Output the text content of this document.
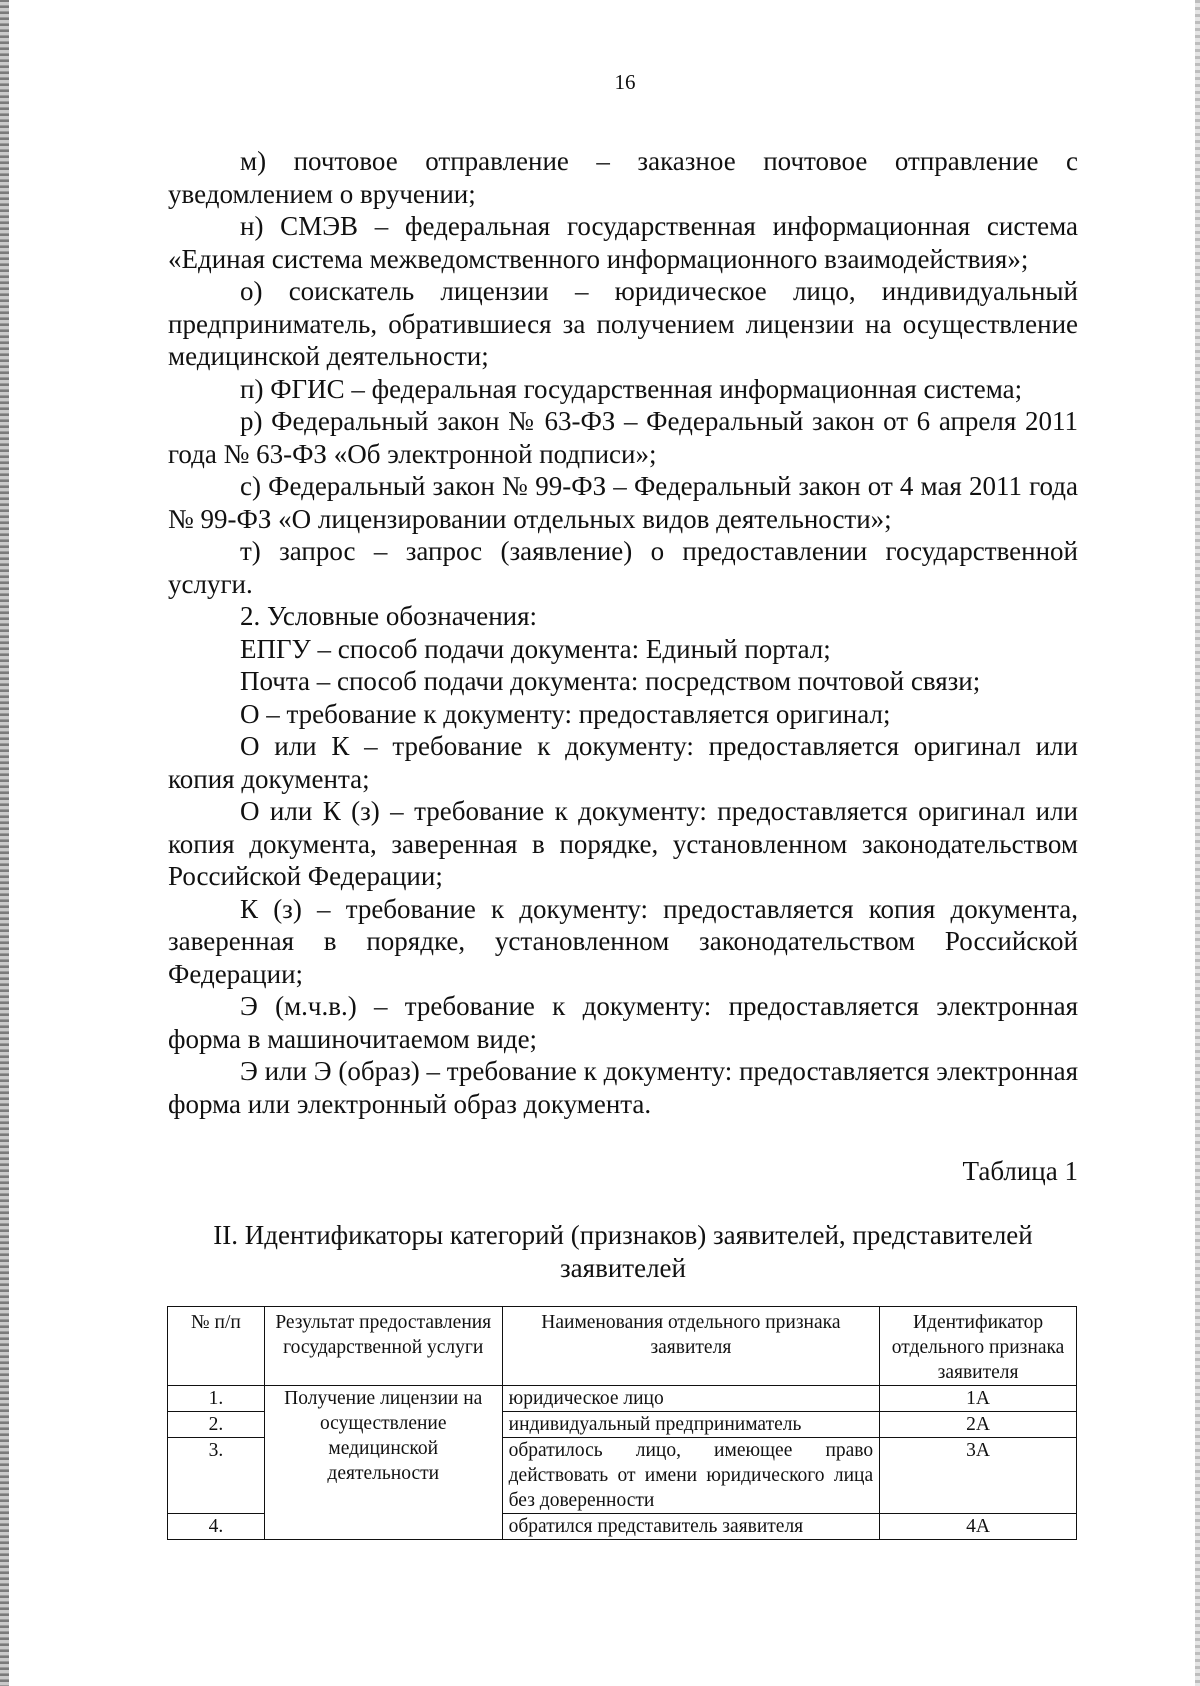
16

м) почтовое отправление – заказное почтовое отправление с уведомлением о вручении;

н) СМЭВ – федеральная государственная информационная система «Единая система межведомственного информационного взаимодействия»;

о) соискатель лицензии – юридическое лицо, индивидуальный предприниматель, обратившиеся за получением лицензии на осуществление медицинской деятельности;

п) ФГИС – федеральная государственная информационная система;

р) Федеральный закон № 63-ФЗ – Федеральный закон от 6 апреля 2011 года № 63-ФЗ «Об электронной подписи»;

с) Федеральный закон № 99-ФЗ – Федеральный закон от 4 мая 2011 года № 99-ФЗ «О лицензировании отдельных видов деятельности»;

т) запрос – запрос (заявление) о предоставлении государственной услуги.

2. Условные обозначения:

ЕПГУ – способ подачи документа: Единый портал;

Почта – способ подачи документа: посредством почтовой связи;

О – требование к документу: предоставляется оригинал;

О или К – требование к документу: предоставляется оригинал или копия документа;

О или К (з) – требование к документу: предоставляется оригинал или копия документа, заверенная в порядке, установленном законодательством Российской Федерации;

К (з) – требование к документу: предоставляется копия документа, заверенная в порядке, установленном законодательством Российской Федерации;

Э (м.ч.в.) – требование к документу: предоставляется электронная форма в машиночитаемом виде;

Э или Э (образ) – требование к документу: предоставляется электронная форма или электронный образ документа.

Таблица 1
II. Идентификаторы категорий (признаков) заявителей, представителей заявителей
№ п/п	Результат предоставления государственной услуги	Наименования отдельного признака заявителя	Идентификатор отдельного признака заявителя
1.	Получение лицензии на осуществление медицинской деятельности	юридическое лицо	1А
2.		индивидуальный предприниматель	2А
3.		обратилось лицо, имеющее право действовать от имени юридического лица без доверенности	3А
4.		обратился представитель заявителя	4А
